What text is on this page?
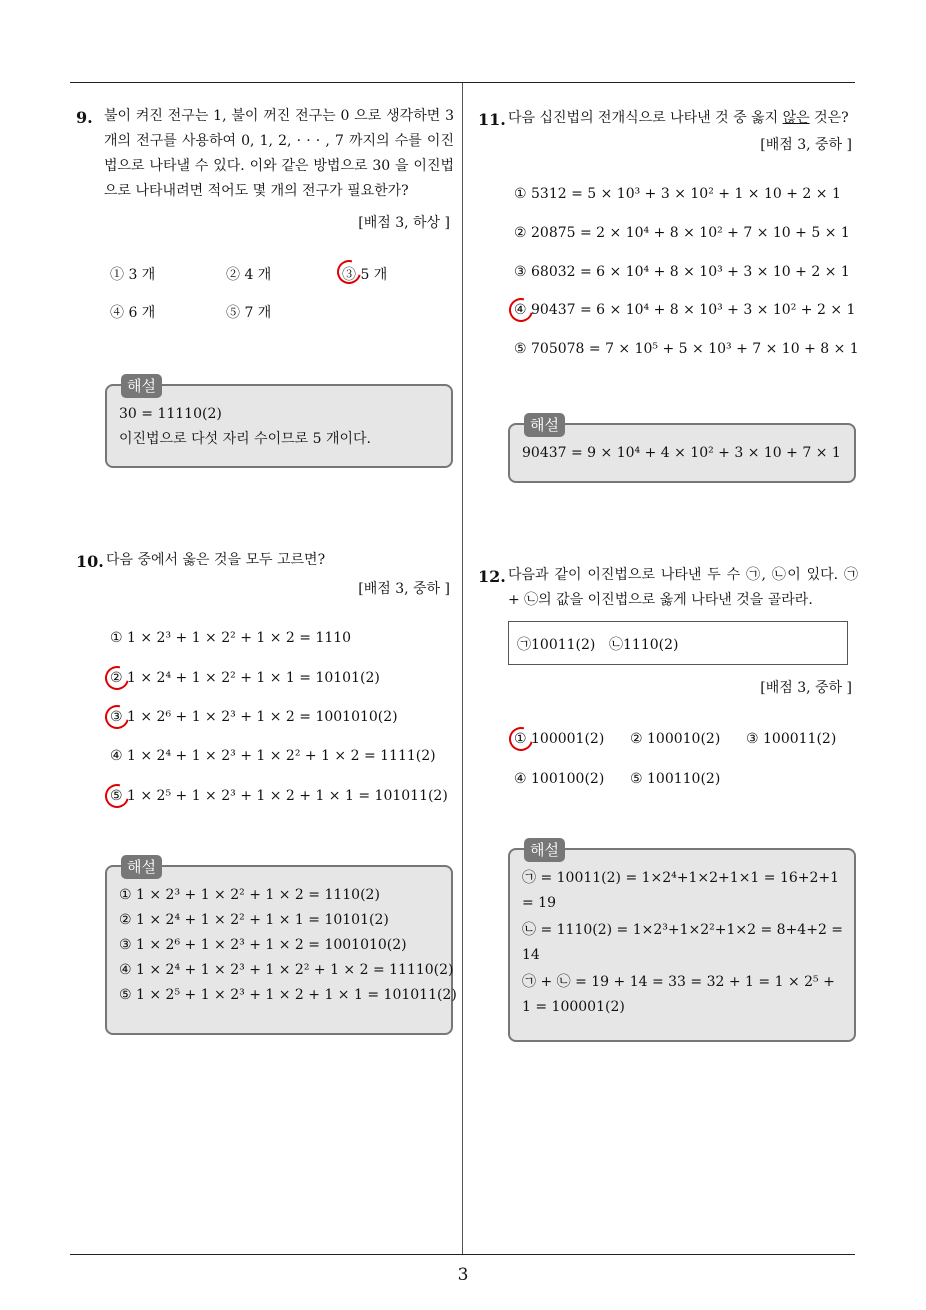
9. 불이 켜진 전구는 1, 불이 꺼진 전구는 0 으로 생각하면 3개의 전구를 사용하여 0, 1, 2, · · · , 7 까지의 수를 이진법으로 나타낼 수 있다. 이와 같은 방법으로 30 을 이진법으로 나타내려면 적어도 몇 개의 전구가 필요한가?
[배점 3, 하상 ]
① 3 개	② 4 개	③ 5 개
④ 6 개	⑤ 7 개
해설
30 = 11110(2)
이진법으로 다섯 자리 수이므로 5 개이다.
10. 다음 중에서 옳은 것을 모두 고르면?
[배점 3, 중하 ]
① 1 × 2³ + 1 × 2² + 1 × 2 = 1110
② 1 × 2⁴ + 1 × 2² + 1 × 1 = 10101(2)
③ 1 × 2⁶ + 1 × 2³ + 1 × 2 = 1001010(2)
④ 1 × 2⁴ + 1 × 2³ + 1 × 2² + 1 × 2 = 1111(2)
⑤ 1 × 2⁵ + 1 × 2³ + 1 × 2 + 1 × 1 = 101011(2)
해설
① 1 × 2³ + 1 × 2² + 1 × 2 = 1110(2)
② 1 × 2⁴ + 1 × 2² + 1 × 1 = 10101(2)
③ 1 × 2⁶ + 1 × 2³ + 1 × 2 = 1001010(2)
④ 1 × 2⁴ + 1 × 2³ + 1 × 2² + 1 × 2 = 11110(2)
⑤ 1 × 2⁵ + 1 × 2³ + 1 × 2 + 1 × 1 = 101011(2)
11. 다음 십진법의 전개식으로 나타낸 것 중 옳지 않은 것은?
[배점 3, 중하 ]
① 5312 = 5 × 10³ + 3 × 10² + 1 × 10 + 2 × 1
② 20875 = 2 × 10⁴ + 8 × 10² + 7 × 10 + 5 × 1
③ 68032 = 6 × 10⁴ + 8 × 10³ + 3 × 10 + 2 × 1
④ 90437 = 6 × 10⁴ + 8 × 10³ + 3 × 10² + 2 × 1
⑤ 705078 = 7 × 10⁵ + 5 × 10³ + 7 × 10 + 8 × 1
해설
90437 = 9 × 10⁴ + 4 × 10² + 3 × 10 + 7 × 1
12. 다음과 같이 이진법으로 나타낸 두 수 ㉠, ㉡이 있다. ㉠ + ㉡의 값을 이진법으로 옳게 나타낸 것을 골라라.
㉠10011(2) ㉡1110(2)
[배점 3, 중하 ]
① 100001(2) ② 100010(2) ③ 100011(2)
④ 100100(2) ⑤ 100110(2)
해설
㉠ = 10011(2) = 1×2⁴+1×2+1×1 = 16+2+1 = 19
㉡ = 1110(2) = 1×2³+1×2²+1×2 = 8+4+2 = 14
㉠ + ㉡ = 19 + 14 = 33 = 32 + 1 = 1 × 2⁵ + 1 = 100001(2)
3
